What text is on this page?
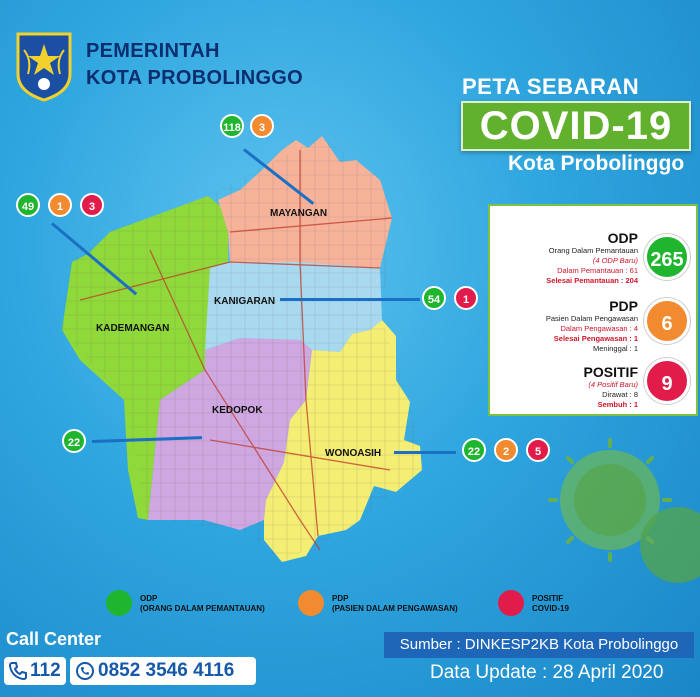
PEMERINTAH
KOTA PROBOLINGGO	PETA SEBARAN
COVID-19
Kota Probolinggo
MAYANGAN
KADEMANGAN
KANIGARAN
KEDOPOK
WONOASIH
118	3
49	1	3
54	1
22
22	2	5
ODP
Orang Dalam Pemantauan
(4 ODP Baru)
Dalam Pemantauan : 61
Selesai Pemantauan : 204
265
PDP
Pasien Dalam Pengawasan
Dalam Pengawasan : 4
Selesai Pengawasan : 1
Meninggal : 1
6
POSITIF
(4 Positif Baru)
Dirawat : 8
Sembuh : 1
9
ODP
(ORANG DALAM PEMANTAUAN)
PDP
(PASIEN DALAM PENGAWASAN)
POSITIF
COVID-19
Call Center
112 0852 3546 4116
Sumber : DINKESP2KB Kota Probolinggo
Data Update : 28 April 2020
